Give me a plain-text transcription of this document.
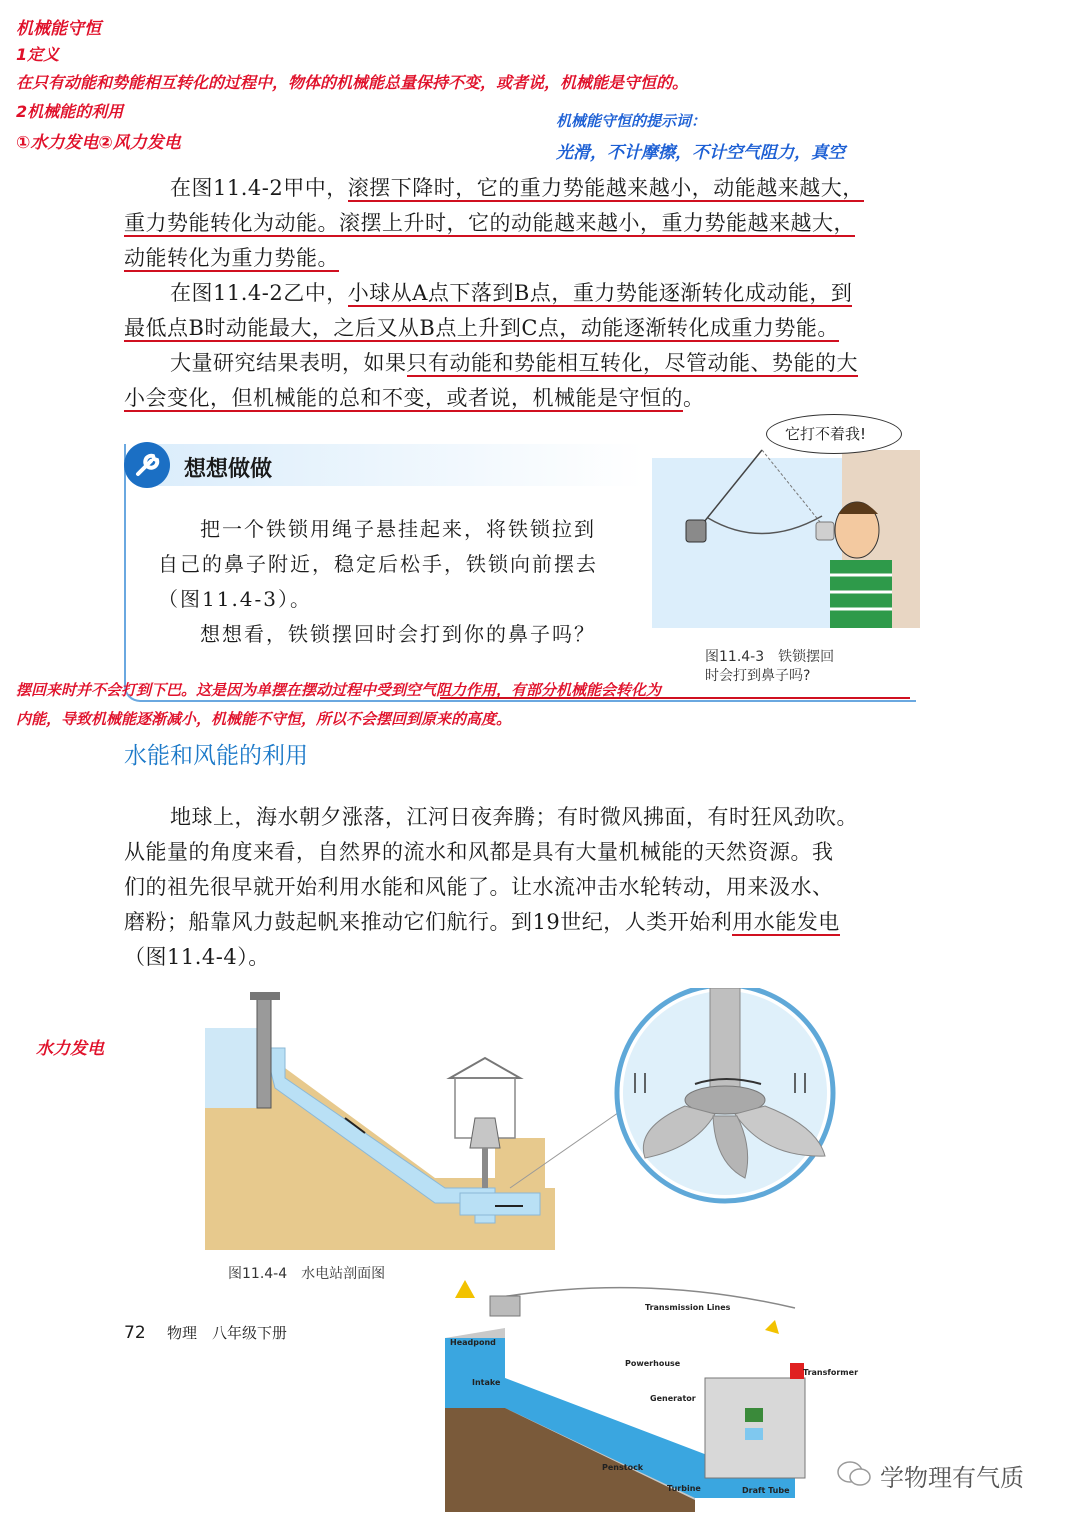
机械能守恒
1定义
在只有动能和势能相互转化的过程中，物体的机械能总量保持不变，或者说，机械能是守恒的。
2机械能的利用
①水力发电②风力发电
机械能守恒的提示词：
光滑，不计摩擦，不计空气阻力，真空
在图11.4-2甲中，滚摆下降时，它的重力势能越来越小，动能越来越大，
重力势能转化为动能。滚摆上升时，它的动能越来越小，重力势能越来越大，
动能转化为重力势能。
在图11.4-2乙中，小球从A点下落到B点，重力势能逐渐转化成动能，到
最低点B时动能最大，之后又从B点上升到C点，动能逐渐转化成重力势能。
大量研究结果表明，如果只有动能和势能相互转化，尽管动能、势能的大
小会变化，但机械能的总和不变，或者说，机械能是守恒的。
想想做做
把一个铁锁用绳子悬挂起来，将铁锁拉到
自己的鼻子附近，稳定后松手，铁锁向前摆去
（图11.4-3）。
想想看，铁锁摆回时会打到你的鼻子吗？
它打不着我!
图11.4-3　铁锁摆回
时会打到鼻子吗?
摆回来时并不会打到下巴。这是因为单摆在摆动过程中受到空气阻力作用，有部分机械能会转化为
内能，导致机械能逐渐减小，机械能不守恒，所以不会摆回到原来的高度。
水能和风能的利用
地球上，海水朝夕涨落，江河日夜奔腾；有时微风拂面，有时狂风劲吹。
从能量的角度来看，自然界的流水和风都是具有大量机械能的天然资源。我
们的祖先很早就开始利用水能和风能了。让水流冲击水轮转动，用来汲水、
磨粉；船靠风力鼓起帆来推动它们航行。到19世纪，人类开始利用水能发电
（图11.4-4）。
水力发电
图11.4-4　水电站剖面图
72 物理　八年级下册
Transmission Lines
Headpond
Intake
Powerhouse
Generator
Transformer
Penstock
Turbine	Draft Tube	学物理有气质
